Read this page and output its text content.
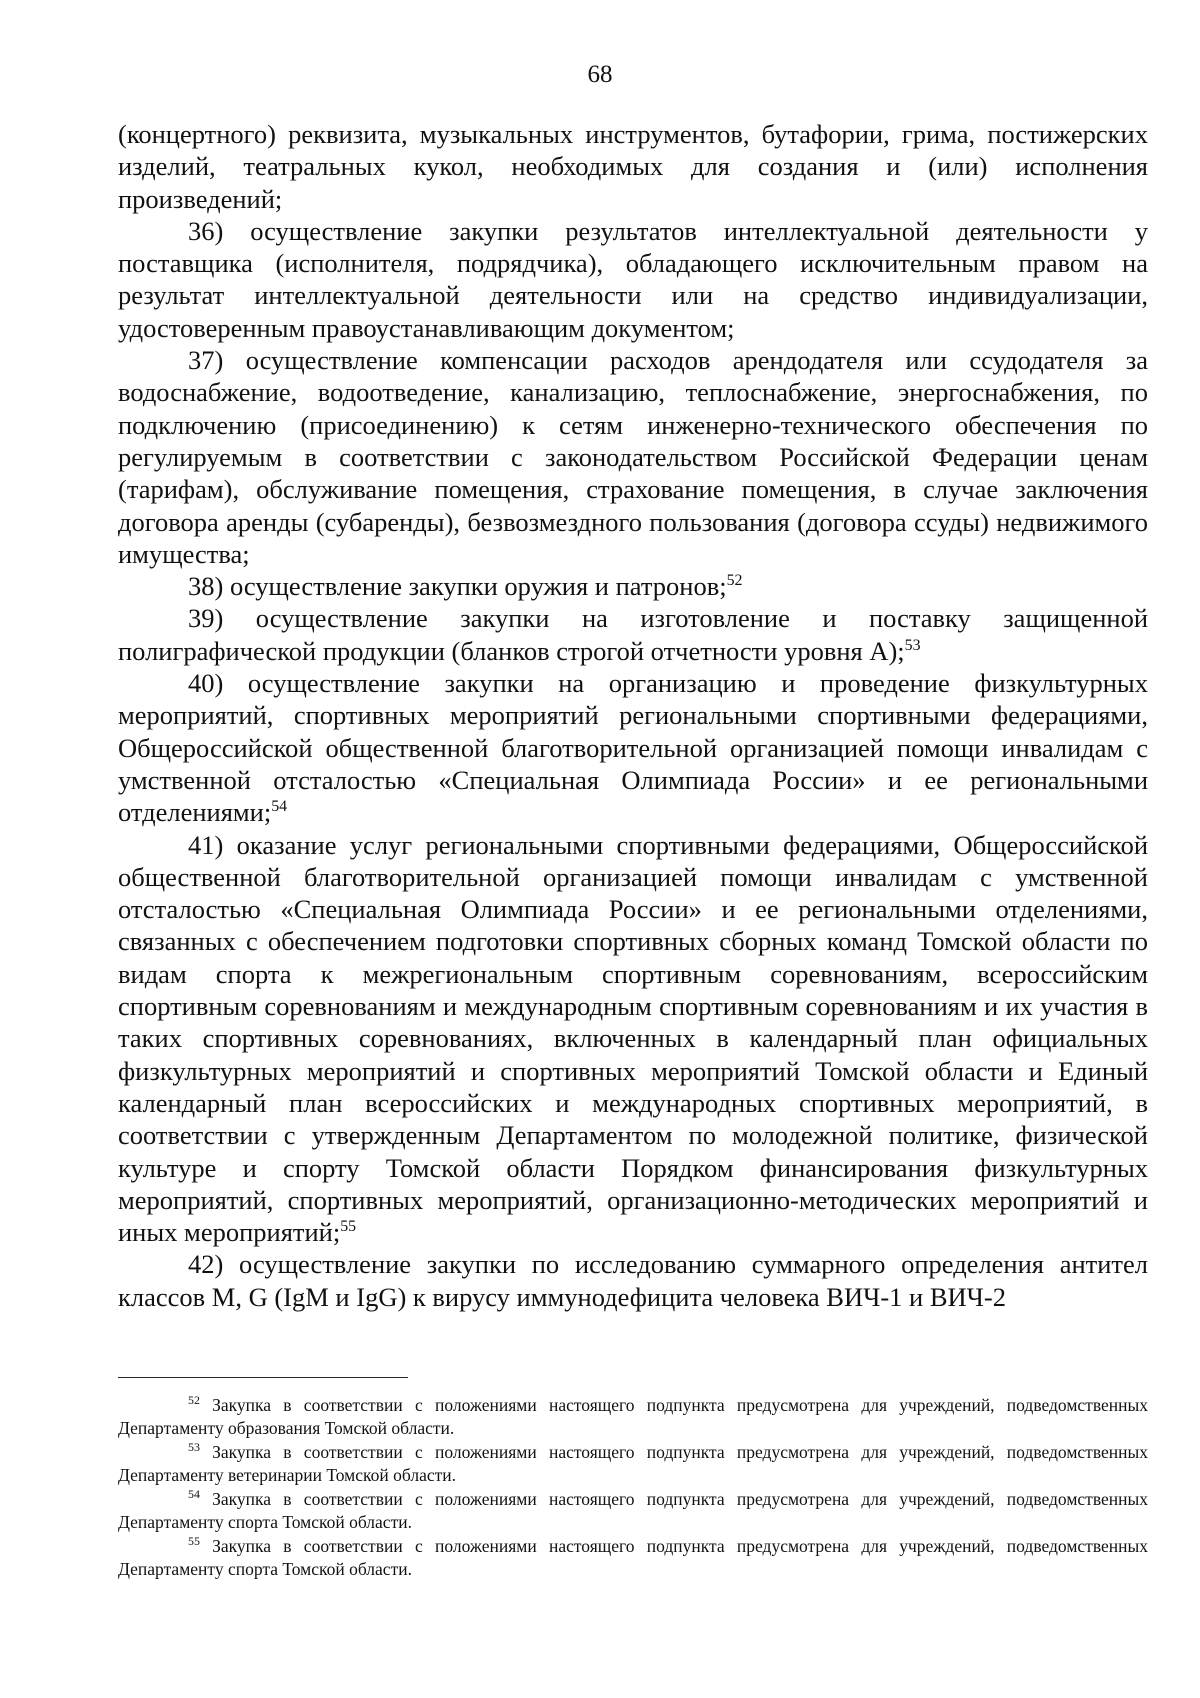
68

(концертного) реквизита, музыкальных инструментов, бутафории, грима, постижерских изделий, театральных кукол, необходимых для создания и (или) исполнения произведений;

36) осуществление закупки результатов интеллектуальной деятельности у поставщика (исполнителя, подрядчика), обладающего исключительным правом на результат интеллектуальной деятельности или на средство индивидуализации, удостоверенным правоустанавливающим документом;

37) осуществление компенсации расходов арендодателя или ссудодателя за водоснабжение, водоотведение, канализацию, теплоснабжение, энергоснабжения, по подключению (присоединению) к сетям инженерно-технического обеспечения по регулируемым в соответствии с законодательством Российской Федерации ценам (тарифам), обслуживание помещения, страхование помещения, в случае заключения договора аренды (субаренды), безвозмездного пользования (договора ссуды) недвижимого имущества;

38) осуществление закупки оружия и патронов;$^{52}$

39) осуществление закупки на изготовление и поставку защищенной полиграфической продукции (бланков строгой отчетности уровня А);$^{53}$

40) осуществление закупки на организацию и проведение физкультурных мероприятий, спортивных мероприятий региональными спортивными федерациями, Общероссийской общественной благотворительной организацией помощи инвалидам с умственной отсталостью «Специальная Олимпиада России» и ее региональными отделениями;$^{54}$

41) оказание услуг региональными спортивными федерациями, Общероссийской общественной благотворительной организацией помощи инвалидам с умственной отсталостью «Специальная Олимпиада России» и ее региональными отделениями, связанных с обеспечением подготовки спортивных сборных команд Томской области по видам спорта к межрегиональным спортивным соревнованиям, всероссийским спортивным соревнованиям и международным спортивным соревнованиям и их участия в таких спортивных соревнованиях, включенных в календарный план официальных физкультурных мероприятий и спортивных мероприятий Томской области и Единый календарный план всероссийских и международных спортивных мероприятий, в соответствии с утвержденным Департаментом по молодежной политике, физической культуре и спорту Томской области Порядком финансирования физкультурных мероприятий, спортивных мероприятий, организационно-методических мероприятий и иных мероприятий;$^{55}$

42) осуществление закупки по исследованию суммарного определения антител классов M, G (IgM и IgG) к вирусу иммунодефицита человека ВИЧ-1 и ВИЧ-2

$^{52}$ Закупка в соответствии с положениями настоящего подпункта предусмотрена для учреждений, подведомственных Департаменту образования Томской области.

$^{53}$ Закупка в соответствии с положениями настоящего подпункта предусмотрена для учреждений, подведомственных Департаменту ветеринарии Томской области.

$^{54}$ Закупка в соответствии с положениями настоящего подпункта предусмотрена для учреждений, подведомственных Департаменту спорта Томской области.

$^{55}$ Закупка в соответствии с положениями настоящего подпункта предусмотрена для учреждений, подведомственных Департаменту спорта Томской области.
